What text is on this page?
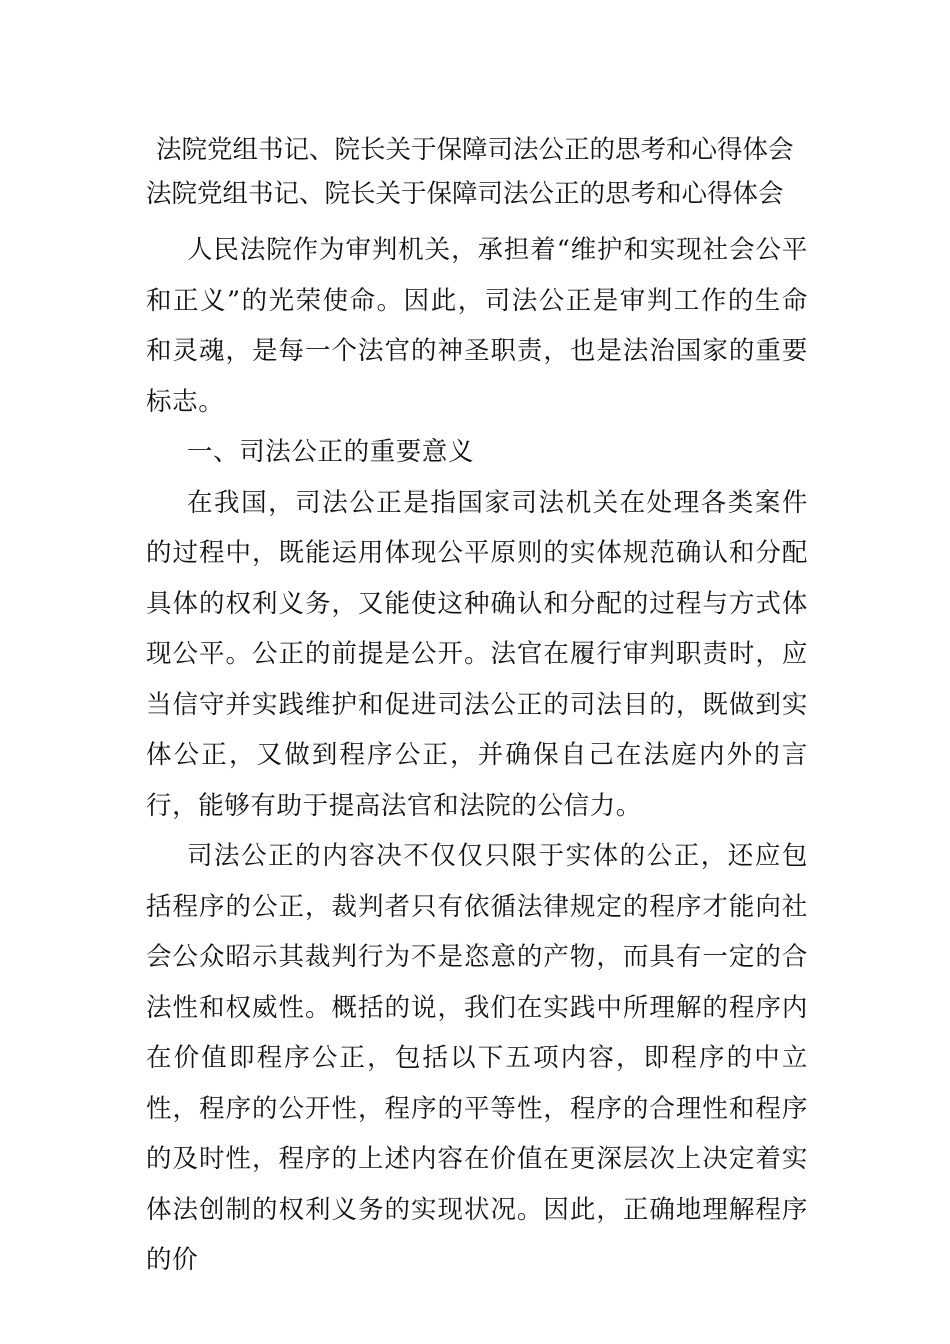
法院党组书记、院长关于保障司法公正的思考和心得体会

法院党组书记、院长关于保障司法公正的思考和心得体会

人民法院作为审判机关，承担着“维护和实现社会公平和正义”的光荣使命。因此，司法公正是审判工作的生命和灵魂，是每一个法官的神圣职责，也是法治国家的重要标志。

一、司法公正的重要意义

在我国，司法公正是指国家司法机关在处理各类案件的过程中，既能运用体现公平原则的实体规范确认和分配具体的权利义务，又能使这种确认和分配的过程与方式体现公平。公正的前提是公开。法官在履行审判职责时，应当信守并实践维护和促进司法公正的司法目的，既做到实体公正，又做到程序公正，并确保自己在法庭内外的言行，能够有助于提高法官和法院的公信力。

司法公正的内容决不仅仅只限于实体的公正，还应包括程序的公正，裁判者只有依循法律规定的程序才能向社会公众昭示其裁判行为不是恣意的产物，而具有一定的合法性和权威性。概括的说，我们在实践中所理解的程序内在价值即程序公正，包括以下五项内容，即程序的中立性，程序的公开性，程序的平等性，程序的合理性和程序的及时性，程序的上述内容在价值在更深层次上决定着实体法创制的权利义务的实现状况。因此，正确地理解程序的价
